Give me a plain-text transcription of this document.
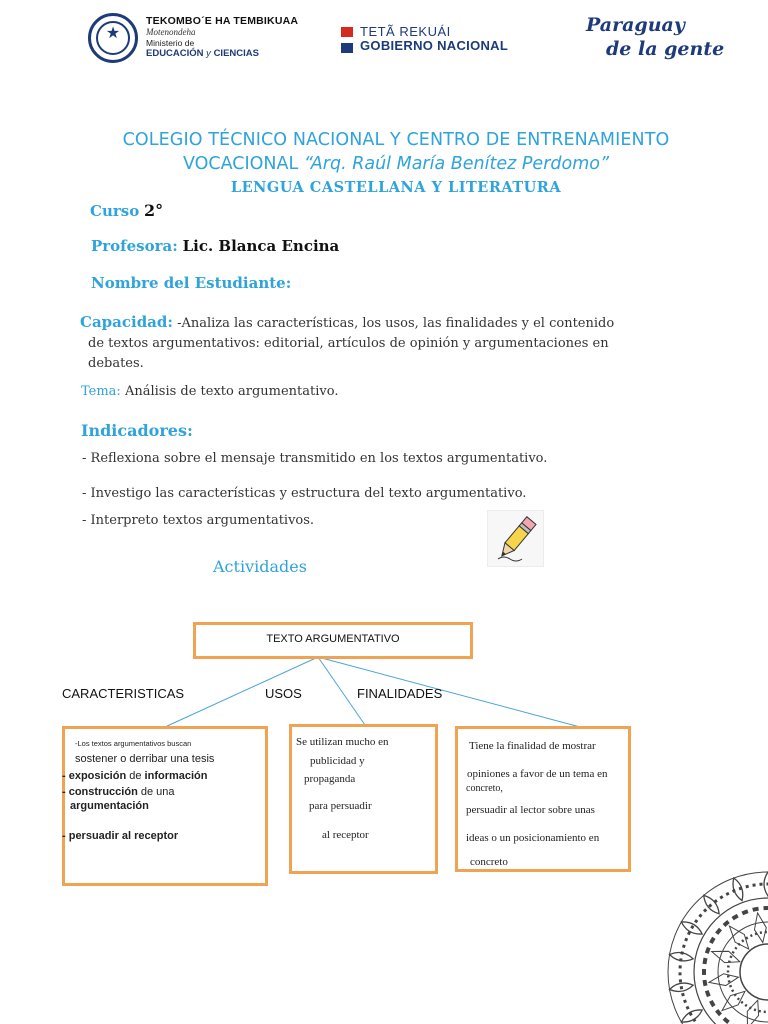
★
TEKOMBO´E HA TEMBIKUAA
Motenondeha
Ministerio de
EDUCACIÓN y CIENCIAS
TETÃ REKUÁI
GOBIERNO NACIONAL
Paraguay
de la gente
COLEGIO TÉCNICO NACIONAL Y CENTRO DE ENTRENAMIENTO
VOCACIONAL “Arq. Raúl María Benítez Perdomo”
LENGUA CASTELLANA Y LITERATURA
Curso 2°
Profesora: Lic. Blanca Encina
Nombre del Estudiante:
Capacidad: -Analiza las características, los usos, las finalidades y el contenido
de textos argumentativos: editorial, artículos de opinión y argumentaciones en
debates.
Tema: Análisis de texto argumentativo.
Indicadores:
- Reflexiona sobre el mensaje transmitido en los textos argumentativo.
- Investigo las características y estructura del texto argumentativo.
- Interpreto textos argumentativos.
Actividades
TEXTO ARGUMENTATIVO
CARACTERISTICAS	USOS	FINALIDADES
-Los textos argumentativos buscan
sostener o derribar una tesis
- exposición de información
- construcción de una
argumentación
- persuadir al receptor
Se utilizan mucho en
publicidad y
propaganda
para persuadir
al receptor
Tiene la finalidad de mostrar
opiniones a favor de un tema en
concreto,
persuadir al lector sobre unas
ideas o un posicionamiento en
concreto
